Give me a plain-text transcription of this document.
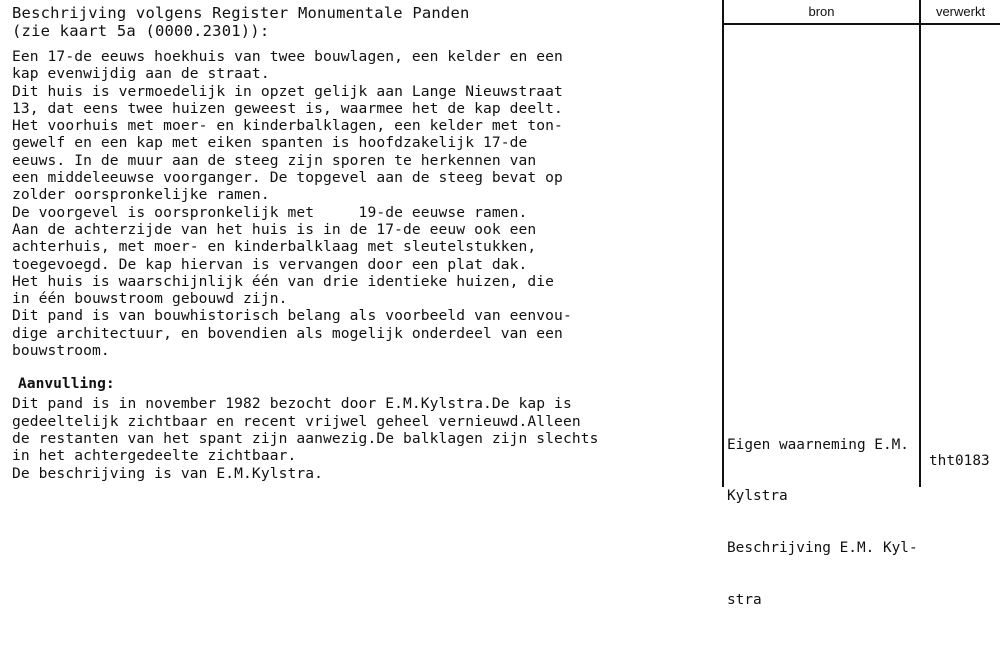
Beschrijving volgens Register Monumentale Panden
(zie kaart 5a (0000.2301)):
Een 17-de eeuws hoekhuis van twee bouwlagen, een kelder en een
kap evenwijdig aan de straat.
Dit huis is vermoedelijk in opzet gelijk aan Lange Nieuwstraat
13, dat eens twee huizen geweest is, waarmee het de kap deelt.
Het voorhuis met moer- en kinderbalklagen, een kelder met ton-
gewelf en een kap met eiken spanten is hoofdzakelijk 17-de
eeuws. In de muur aan de steeg zijn sporen te herkennen van
een middeleeuwse voorganger. De topgevel aan de steeg bevat op
zolder oorspronkelijke ramen.
De voorgevel is oorspronkelijk met     19-de eeuwse ramen.
Aan de achterzijde van het huis is in de 17-de eeuw ook een
achterhuis, met moer- en kinderbalklaag met sleutelstukken,
toegevoegd. De kap hiervan is vervangen door een plat dak.
Het huis is waarschijnlijk één van drie identieke huizen, die
in één bouwstroom gebouwd zijn.
Dit pand is van bouwhistorisch belang als voorbeeld van eenvou-
dige architectuur, en bovendien als mogelijk onderdeel van een
bouwstroom.
Aanvulling:
Dit pand is in november 1982 bezocht door E.M.Kylstra.De kap is
gedeeltelijk zichtbaar en recent vrijwel geheel vernieuwd.Alleen
de restanten van het spant zijn aanwezig.De balklagen zijn slechts
in het achtergedeelte zichtbaar.
De beschrijving is van E.M.Kylstra.
bron	verwerkt

Eigen waarneming E.M.

Kylstra

Beschrijving E.M. Kyl-

stra

tht0183
